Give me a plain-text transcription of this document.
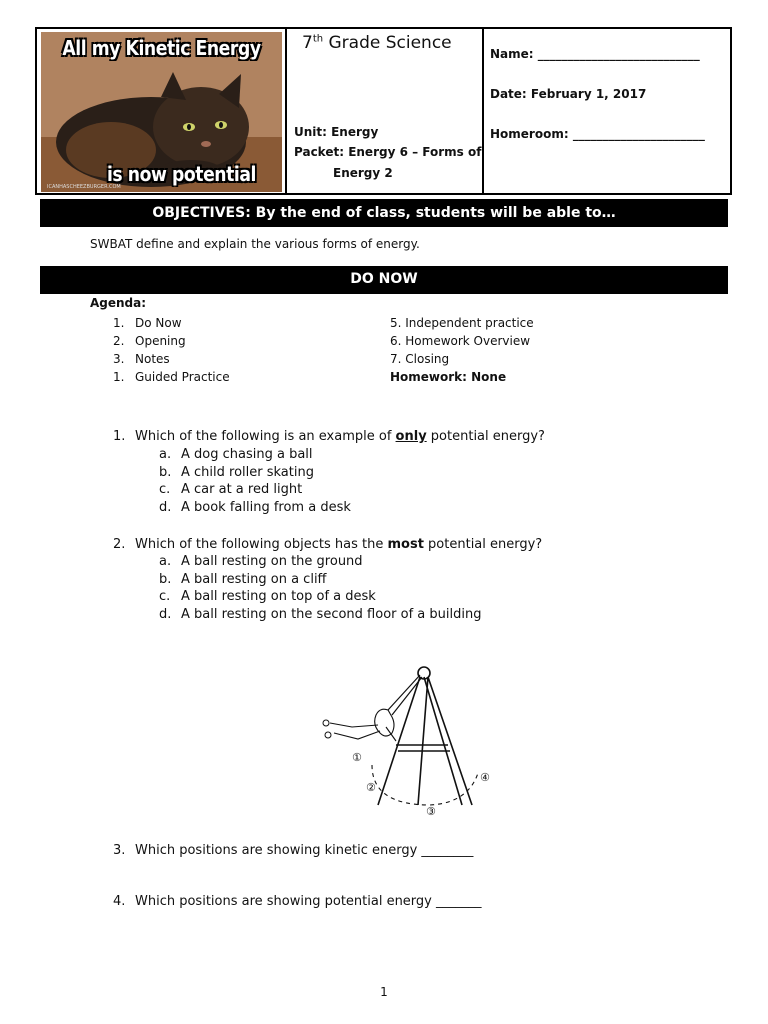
All my Kinetic Energy
is now potential
ICANHASCHEEZBURGER.COM
7th Grade Science
Unit: Energy
Packet: Energy 6 – Forms of
Energy 2
Name: ___________________________
Date: February 1, 2017
Homeroom: ______________________
OBJECTIVES: By the end of class, students will be able to…
SWBAT define and explain the various forms of energy.
DO NOW
Agenda:
1. Do Now
2. Opening
3. Notes
1. Guided Practice
5. Independent practice
6. Homework Overview
7. Closing
Homework: None
1. Which of the following is an example of only potential energy?
a. A dog chasing a ball
b. A child roller skating
c. A car at a red light
d. A book falling from a desk
2. Which of the following objects has the most potential energy?
a. A ball resting on the ground
b. A ball resting on a cliff
c. A ball resting on top of a desk
d. A ball resting on the second floor of a building
①
②
③
④
3. Which positions are showing kinetic energy ________
4. Which positions are showing potential energy _______
1
